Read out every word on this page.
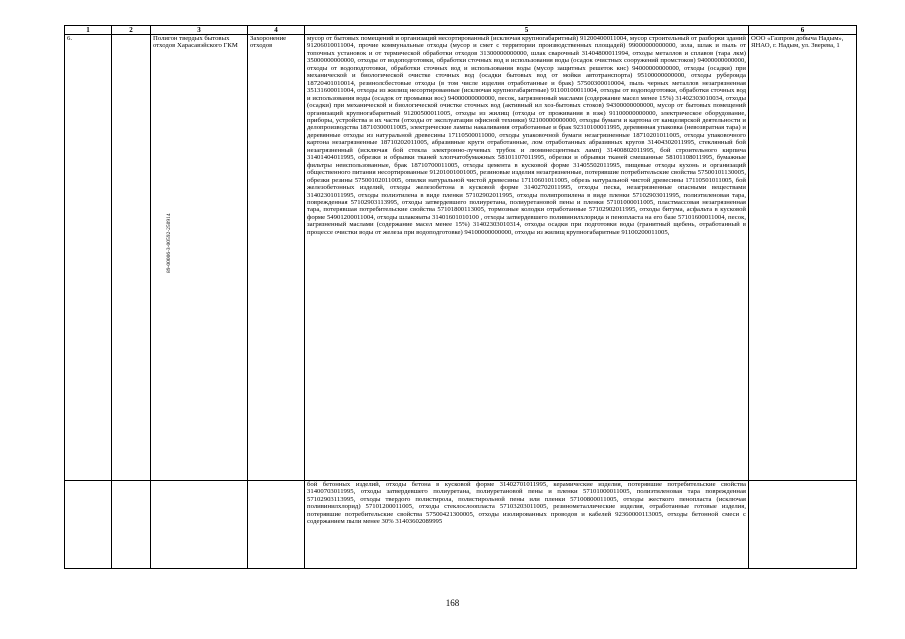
1	2	3	4	5	6
6.	89-00006-З-00592-250914	Полигон твердых бытовых отходов Харасавэйского ГКМ	Захоронение отходов	мусор от бытовых помещений и организаций несортированный (исключая крупногабаритный) 91200400011004, мусор строительный от разборки зданий 91206010011004, прочие коммунальные отходы (мусор и смет с территории производственных площадей) 99000000000000, зола, шлак и пыль от топочных установок и от термической обработки отходов 31300000000000, шлак сварочный 31404800011994, отходы металлов и сплавов (тара лкм) 35000000000000, отходы от водоподготовки, обработки сточных вод и использования воды (осадок очистных сооружений промстоков) 94000000000000, отходы от водоподготовки, обработки сточных вод и использования воды (мусор защитных решеток кнс) 94000000000000, отходы (осадки) при механической и биологической очистке сточных вод (осадки бытовых вод от мойки автотранспорта) 95100000000000, отходы рубероида 18720401010014, резинолсбестовые отходы (в том числе изделия отработанные и брак) 57500300010004, пыль черных металлов незагрязненная 35131600011004, отходы из жилищ несортированные (исключая крупногабаритные) 91100100011004, отходы от водоподготовки, обработки сточных вод и использования воды (осадок от промывки вос) 94000000000000, песок, загрязненный маслами (содержание масел менее 15%) 31402303010034, отходы (осадки) при механической и биологической очистке сточных вод (активный ил хоз-бытовых стоков) 94300000000000, мусор от бытовых помещений организаций крупногабаритный 91200500011005, отходы из жилищ (отходы от проживания в вэж) 91100000000000, электрическое оборудование, приборы, устройства и их части (отходы от эксплуатации офисной техники) 92100000000000, отходы бумаги и картона от канцелярской деятельности и делопроизводства 18710300011005, электрические лампы накаливания отработанные и брак 92310100011995, деревянная упаковка (невозвратная тара) и деревянные отходы из натуральной древесины 17110500011000, отходы упаковочной бумаги незагрязненные 18710201011005, отходы упаковочного картона незагрязненные 18710202011005, абразивные круги отработанные, лом отработанных абразивных кругов 31404302011995, стеклянный бой незагрязненный (исключая бой стекла электронно-лучевых трубок и люминесцентных ламп) 31400802011995, бой строительного кирпича 31401404011995, обрезки и обрывки тканей хлопчатобумажных 58101107011995, обрезки и обрывки тканей смешанные 58101108011995, бумажные фильтры неиспользованные, брак 18710700011005, отходы цемента в кусковой форме 31405502011995, пищевые отходы кухонь и организаций общественного питания несортированные 91201001001005, резиновые изделия незагрязненные, потерявшие потребительские свойства 57500101130005, обрезки резины 57500102011005, опилки натуральной чистой древесины 17110601011005, обрезь натуральной чистой древесины 17110501011005, бой железобетонных изделий, отходы железобетона в кусковой форме 31402702011995, отходы песка, незагрязненные опасными веществами 31402301011995, отходы полиэтилена в виде пленки 57102902011995, отходы полипропилена в виде пленки 57102903011995, полиэтиленовая тара, поврежденная 57102903113995, отходы затвердевшего полиуретана, полиуретановой пены и пленки 57101000011005, пластмассовая незагрязненная тара, потерявшая потребительские свойства 57101800113005, тормозные колодки отработанные 57102902011995, отходы битума, асфальта в кусковой форме 54901200011004, отходы шлаковаты 31401601010100 , отходы затвердевшего поливинилхлорида и пенопласта на его базе 57101600011004, песок, загрязненный маслами (содержание масел менее 15%) 31402303010314, отходы осадки при подготовки воды (гранитный щебень, отработанный в процессе очистки воды от железа при водоподготовке) 94100000000000, отходы из жилищ крупногабаритные 91100200011005,	ООО «Газпром добыча Надым», ЯНАО, г. Надым, ул. Зверева, 1

				бой бетонных изделий, отходы бетона в кусковой форме 31402701011995, керамические изделия, потерявшие потребительские свойства 31400703011995, отходы затвердевшего полиуретана, полиуретановой пены и пленки 57101000011005, полиэтиленовая тара поврежденная 57102903113995, отходы твердого полистирола, полистирольной пены или пленки 57100800011005, отходы жесткого пенопласта (исключая поливинилхлорид) 57101200011005, отходы стеклослоопласта 57103203011005, резинометаллические изделия, отработанные готовые изделия, потерявшие потребительские свойства 57500421300005, отходы изолированных проводов и кабелей 92360000113005, отходы бетонной смеси с содержанием пыли менее 30% 31403602089995	

168
